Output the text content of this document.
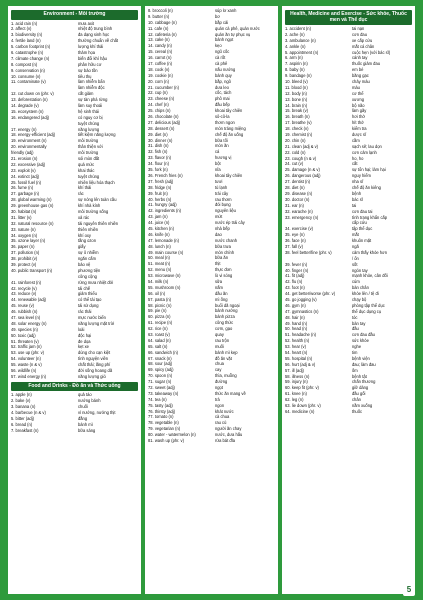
Environment - Môi trường
1. acid rain (n)	mưa axit
2. affect (v)	nhiệt độ trung bình
3. biodiversity (n)	đa dạng sinh học
4. fertile land (n)	thường chuẩn về chất
5. carbon footprint (n)	lượng khí thải
6. catastrophe (n)	thảm họa
7. climate change (n)	biến đổi khí hậu
8. compost (n)	phân hữu cơ
9. conservation (n)	sự bảo tồn
10. consume (v)	tiêu thụ
11. contaminate (v)	làm nhiễm bẩn
làm nhiễm độc
12. cut down on (phr. v)	cắt giảm
13. deforestation (n)	sự tàn phá rừng
14. degrade (v)	làm suy thoái
15. ecosystem (n)	hệ sinh thái
16. endangered (adj)	có nguy cơ bị
tuyệt chủng
17. energy (n)	năng lượng
18. energy-efficient (adj)	tiết kiệm năng lượng
19. environment (n)	môi trường
20. environmentally	thân thiện với
friendly (adj)	môi trường
21. erosion (n)	sói mòn đất
22. excessive (adj)	quá mức
23. exploit (v)	khai thác
24. extinct (adj)	tuyệt chủng
25. fossil fuel (n)	nhiên liệu hóa thạch
26. fume (n)	khí thải
27. garbage (n)	rác
28. global warming (n)	sự nóng lên toàn cầu
29. greenhouse gas (n)	khí nhà kính
30. habitat (n)	môi trường sống
31. litter (v)	xả rác
32. natural resource (n)	tài nguyên thiên nhiên
33. nature (n)	thiên nhiên
34. oxygen (n)	khí oxy
35. ozone layer (n)	tầng ozon
36. paper (n)	giấy
37. pollution (n)	sự ô nhiễm
38. prohibit (v)	ngăn cấm
39. protect (v)	bảo vệ
40. public transport (n)	phương tiện
công cộng
41. rainforest (n)	rừng mưa nhiệt đới
42. recycle (v)	tái chế
43. reduce (v)	giảm thiểu
44. renewable (adj)	có thể tái tạo
45. reuse (v)	tái sử dụng
46. rubbish (n)	rác thải
47. sea level (n)	mực nước biển
48. solar energy (n)	năng lượng mặt trời
49. species (n)	loài
50. toxic (adj)	độc hại
51. threaten (v)	đe dọa
52. traffic jam (n)	kẹt xe
53. use up (phr. v)	dùng cho cạn kiệt
54. volunteer (n)	tình nguyện viên
55. waste (n & v)	chất thải; lãng phí
56. wildlife (n)	đời sống hoang dã
57. wind energy (n)	năng lượng gió
Food and Drinks - Đồ ăn và Thức uống
1. apple (n)	quả táo
2. bake (v)	nướng bánh
3. banana (n)	chuối
4. barbecue (n & v)	vỉ nướng, nướng thịt
5. bitter (adj)	đắng
6. bread (n)	bánh mì
7. breakfast (n)	bữa sáng
8. broccoli (n)	súp lơ xanh
9. butter (n)	bơ
10. cabbage (n)	bắp cải
11. cafe (n)	quán cà phê, quán nước
12. cafeteria (n)	quán ăn tự phục vụ
13. cake (n)	bánh ngọt
14. candy (n)	kẹo
15. cereal (n)	ngũ cốc
16. carrot (n)	cà rốt
17. coffee (n)	cà phê
18. cook (v)	nấu nướng
19. cookie (n)	bánh quy
20. corn (n)	bắp, ngô
21. cucumber (n)	dưa leo
22. cup (n)	cốc, tách
23. cheese (n)	phô mai
24. chef (n)	đầu bếp
25. chips (n)	khoai tây chiên
26. chocolate (n)	sô-cô-la
27. delicious (adj)	thơm ngon
28. dessert (n)	món tráng miệng
29. diet (n)	chế độ ăn uống
30. dinner (n)	bữa tối
31. dish (n)	món ăn
32. fish (n)	cá
33. flavor (n)	hương vị
34. flour (n)	bột
35. fork (n)	nĩa
36. French fries (n)	khoai tây chiên
37. fresh (adj)	tươi
38. fridge (n)	tủ lạnh
39. fruit (n)	trái cây
40. herbs (n)	rau thơm
41. hungry (adj)	đói bụng
42. ingredients (n)	nguyên liệu
43. jam (n)	mứt
44. juice (n)	nước ép trái cây
45. kitchen (n)	nhà bếp
46. knife (n)	dao
47. lemonade (n)	nước chanh
48. lunch (n)	bữa trưa
49. main course (n)	món chính
50. meal (n)	bữa ăn
51. meat (n)	thịt
52. menu (n)	thực đơn
53. microwave (n)	lò vi sóng
54. milk (n)	sữa
55. mushroom (n)	nấm
56. oil (n)	dầu ăn
57. pasta (n)	mì ống
58. picnic (n)	buổi dã ngoại
59. pie (n)	bánh nướng
60. pizza (n)	bánh pizza
61. recipe (n)	công thức
62. rice (n)	cơm, gạo
63. roast (v)	quay
64. salad (n)	rau trộn
65. salt (n)	muối
66. sandwich (n)	bánh mì kẹp
67. snack (n)	đồ ăn vặt
68. sour (adj)	chua
69. spicy (adj)	cay
70. spoon (n)	thìa, muỗng
71. sugar (n)	đường
72. sweet (adj)	ngọt
73. takeaway (n)	thức ăn mang về
74. tea (n)	trà
75. tasty (adj)	ngon
76. thirsty (adj)	khát nước
77. tomato (n)	cà chua
78. vegetable (n)	rau củ
79. vegetarian (n)	người ăn chay
80. water - watermelon (n)	nước, dưa hấu
81. wash up (phr. v)	rửa bát đĩa
Health, Medicine and Exercise - Sức khỏe, Thuốc men và Thể dục
1. accident (n)	tai nạn
2. ache (n)	cơn đau
3. ambulance (n)	xe cấp cứu
4. ankle (n)	mắt cá chân
5. appointment (n)	cuộc hẹn (với bác sĩ)
6. arm (n)	cánh tay
7. aspirin (n)	thuốc giảm đau
8. baby (n)	em bé
9. bandage (n)	băng gạc
10. bleed (v)	chảy máu
11. blood (n)	máu
12. body (n)	cơ thể
13. bone (n)	xương
14. brain (n)	bộ não
15. break (v)	làm gãy
16. breath (n)	hơi thở
17. breathe (v)	hít thở
18. check (v)	kiểm tra
19. chemist (n)	dược sĩ
20. chin (n)	cằm
21. clean (adj & v)	sạch sẽ; lau dọn
22. cold (n)	cơn cảm lạnh
23. cough (n & v)	ho, ho
24. cut (v)	cắt
25. damage (n & v)	sự tổn hại; làm hại
26. dangerous (adj)	nguy hiểm
27. dentist (n)	nha sĩ
28. diet (n)	chế độ ăn kiêng
29. disease (n)	bệnh
30. doctor (n)	bác sĩ
31. ear (n)	tai
32. earache (n)	cơn đau tai
33. emergency (n)	tình trạng khẩn cấp
cấp cứu
34. exercise (v)	tập thể dục
35. eye (n)	mắt
36. face (n)	khuôn mặt
37. fall (v)	ngã
38. feel better/fine (phr. v)	cảm thấy khỏe hơn
/ ổn
39. fever (n)	sốt
40. finger (n)	ngón tay
41. fit (adj)	mạnh khỏe, cân đối
42. flu (n)	cúm
43. foot (n)	bàn chân
44. get better/worse (phr. v)	khỏe lên / tệ đi
45. go jogging (v)	chạy bộ
46. gym (n)	phòng tập thể dục
47. gymnastics (n)	thể dục dụng cụ
48. hair (n)	tóc
49. hand (n)	bàn tay
50. head (n)	đầu
51. headache (n)	cơn đau đầu
52. health (n)	sức khỏe
53. hear (v)	nghe
54. heart (n)	tim
55. hospital (n)	bệnh viện
56. hurt (adj & v)	đau; làm đau
57. ill (adj)	ốm
58. illness (n)	bệnh tật
59. injury (n)	chấn thương
60. keep fit (phr. v)	giữ dáng
61. knee (n)	đầu gối
62. leg (n)	chân
63. lie down (phr. v)	nằm xuống
64. medicine (n)	thuốc
5
